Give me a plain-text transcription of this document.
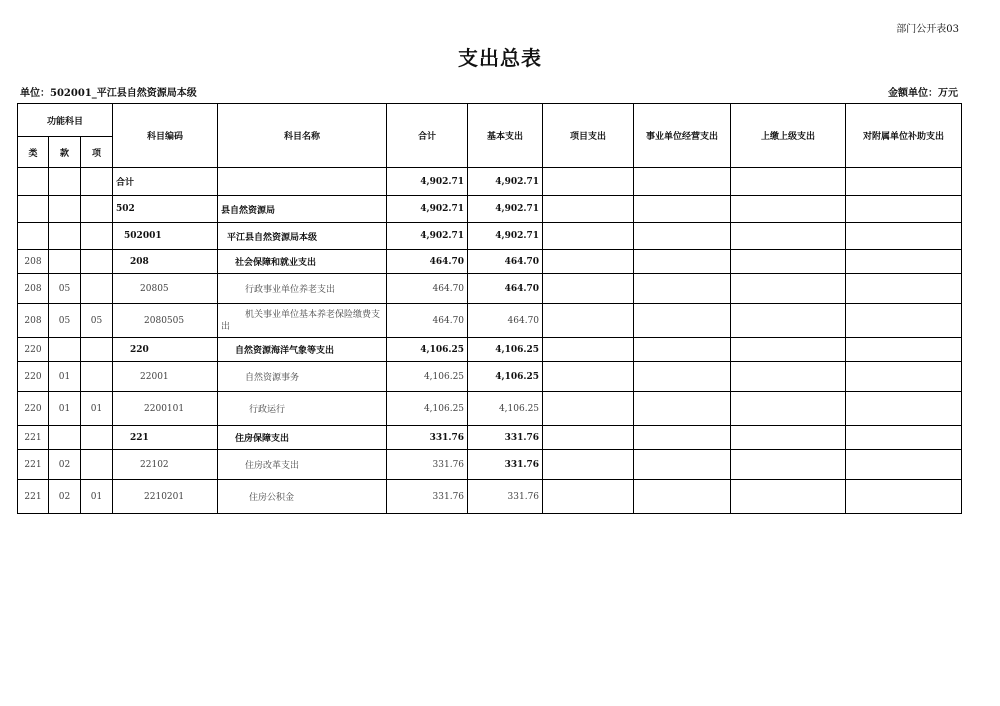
部门公开表03
支出总表
单位：502001_平江县自然资源局本级	金额单位：万元
功能科目			科目编码	科目名称	合计	基本支出	项目支出	事业单位经营支出	上缴上级支出	对附属单位补助支出
类	款	项								
			合计		4,902.71	4,902.71				
			502	县自然资源局	4,902.71	4,902.71				
			502001	平江县自然资源局本级	4,902.71	4,902.71				
208			208	社会保障和就业支出	464.70	464.70				
208	05		20805	行政事业单位养老支出	464.70	464.70				
208	05	05	2080505	机关事业单位基本养老保险缴费支出	464.70	464.70				
220			220	自然资源海洋气象等支出	4,106.25	4,106.25				
220	01		22001	自然资源事务	4,106.25	4,106.25				
220	01	01	2200101	行政运行	4,106.25	4,106.25				
221			221	住房保障支出	331.76	331.76				
221	02		22102	住房改革支出	331.76	331.76				
221	02	01	2210201	住房公积金	331.76	331.76				
